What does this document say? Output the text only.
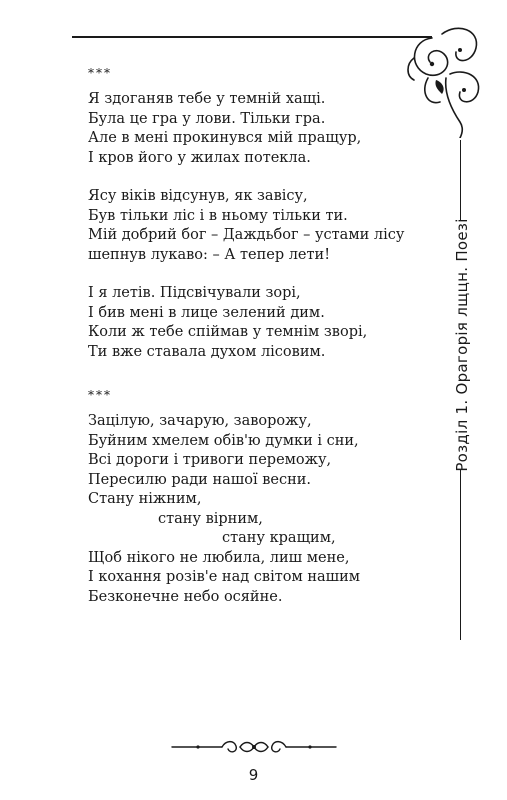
Розділ 1. Орагорія лщцн. Поезі
***
Я здоганяв тебе у темній хащі.
Була це гра у лови. Тільки гра.
Але в мені прокинувся мій пращур,
І кров його у жилах потекла.
Ясу віків відсунув, як завісу,
Був тільки ліс і в ньому тільки ти.
Мій добрий бог – Даждьбог – устами лісу
шепнув лукаво: – А тепер лети!
І я летів. Підсвічували зорі,
І бив мені в лице зелений дим.
Коли ж тебе спіймав у темнім зворі,
Ти вже ставала духом лісовим.
***
Зацілую, зачарую, заворожу,
Буйним хмелем обів'ю думки і сни,
Всі дороги і тривоги переможу,
Пересилю ради нашої весни.
Стану ніжним,
стану вірним,
стану кращим,
Щоб нікого не любила, лиш мене,
І кохання розів'е над світом нашим
Безконечне небо осяйне.
9
